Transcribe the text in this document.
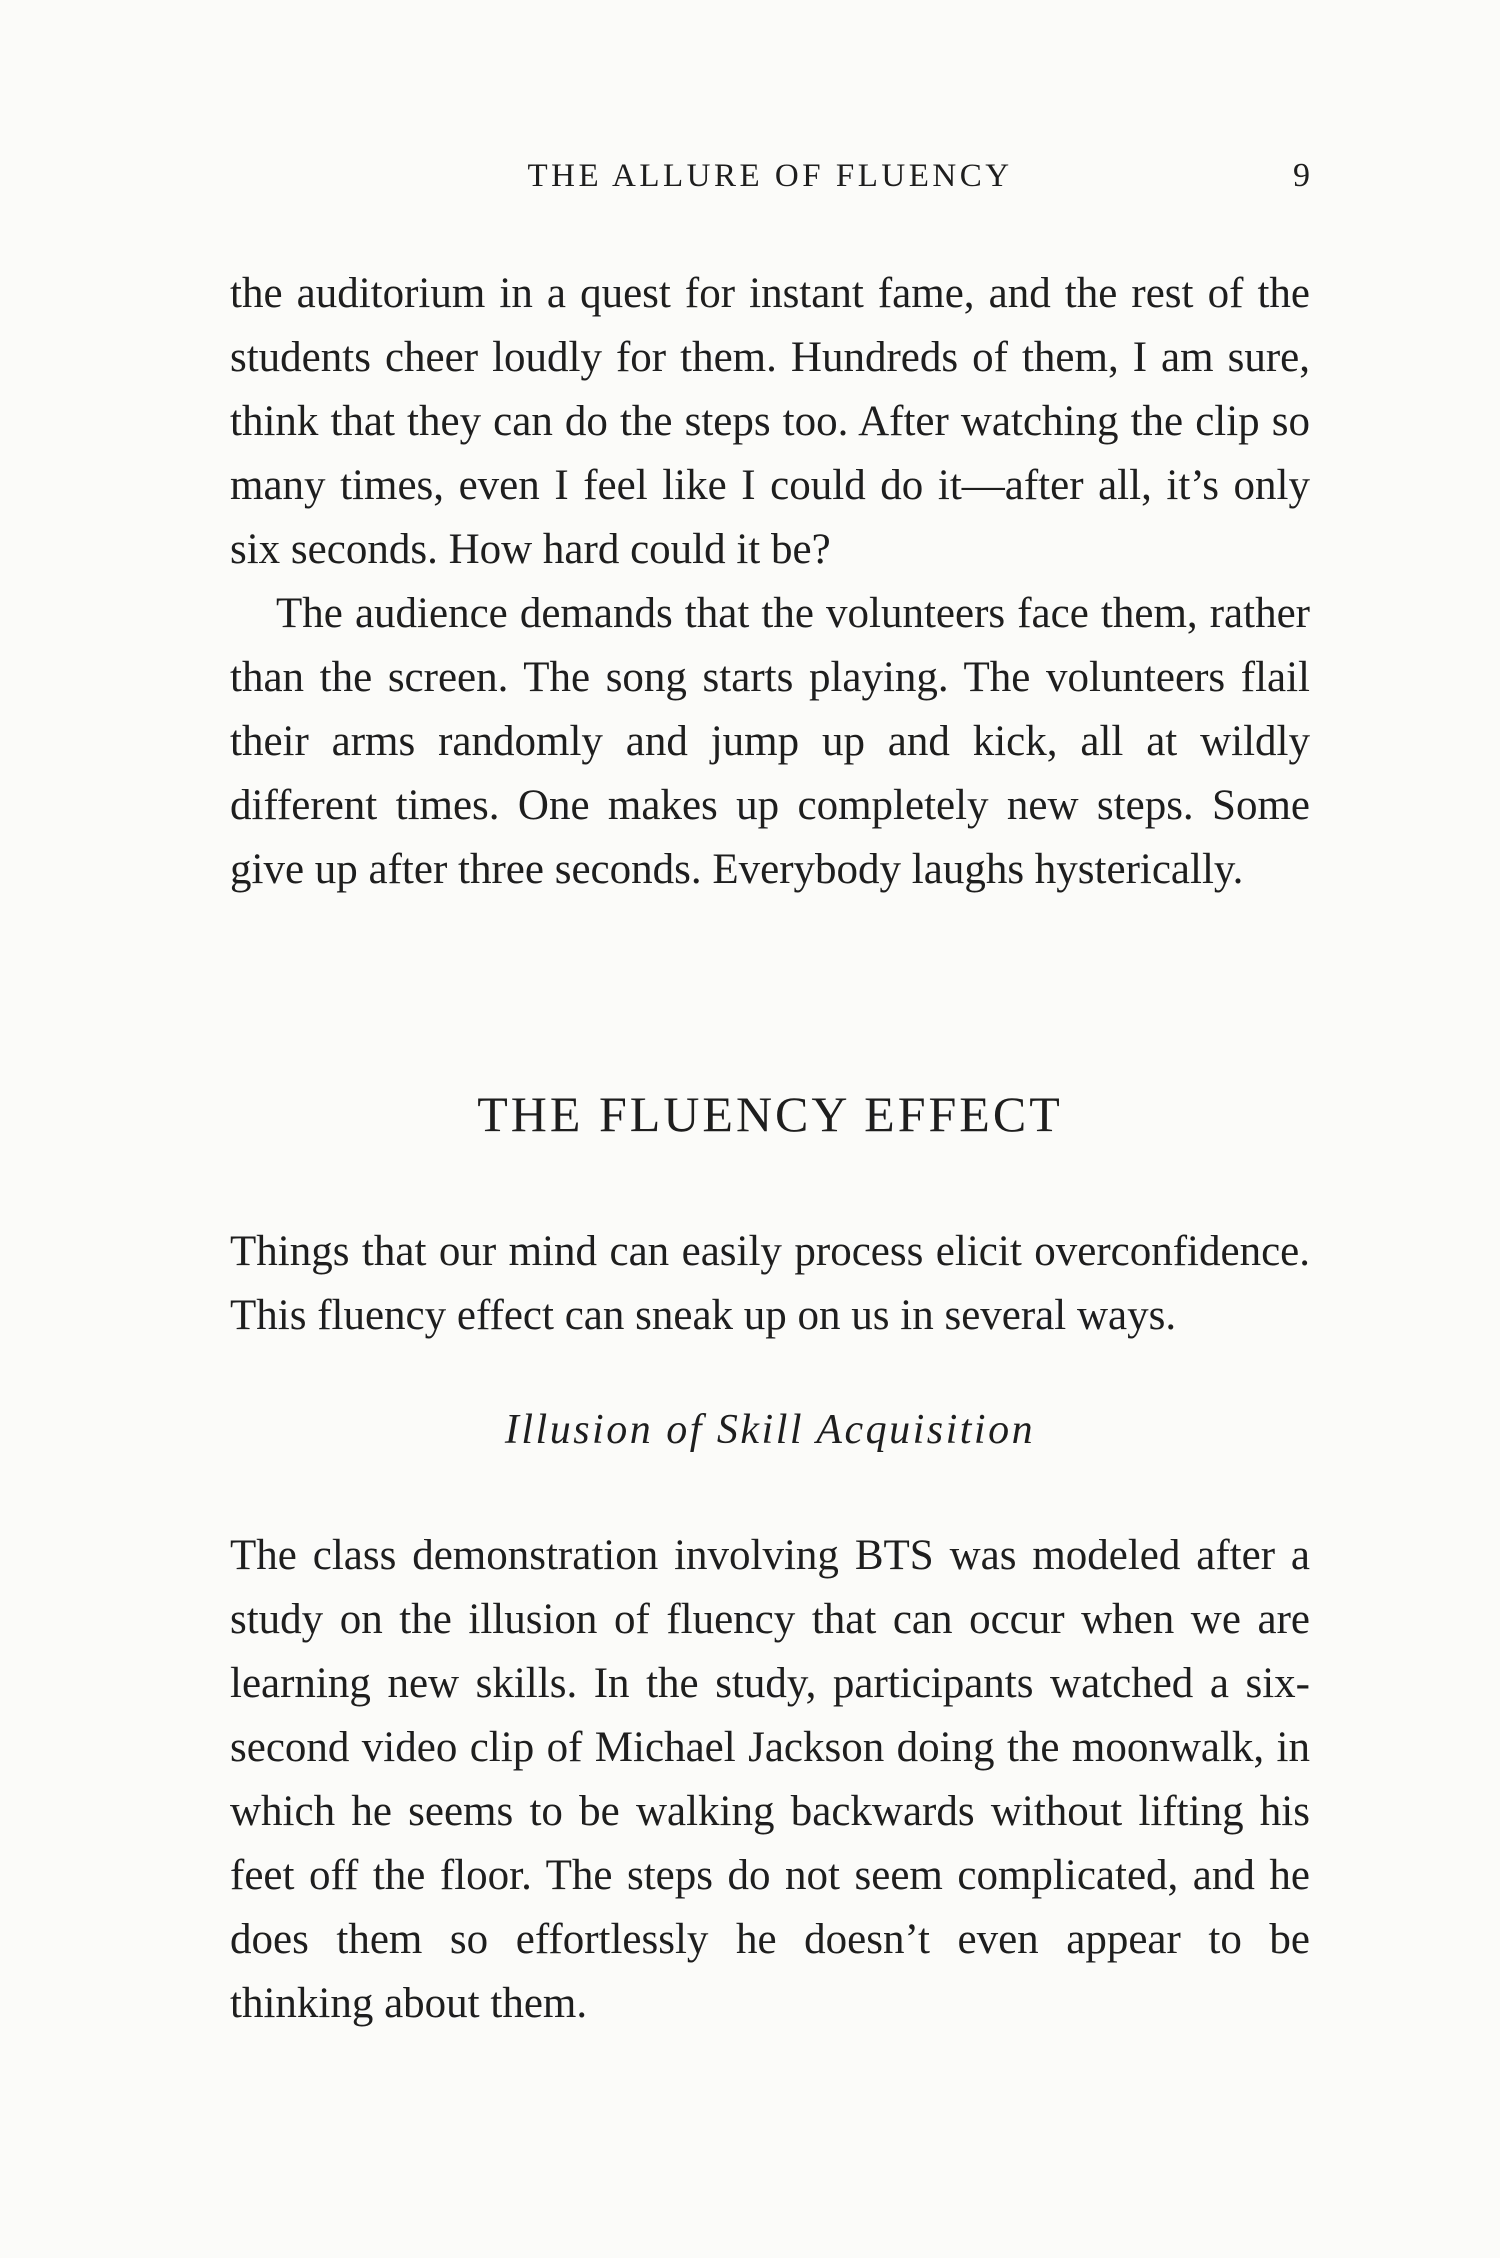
THE ALLURE OF FLUENCY	9

the auditorium in a quest for instant fame, and the rest of the students cheer loudly for them. Hundreds of them, I am sure, think that they can do the steps too. After watching the clip so many times, even I feel like I could do it—after all, it’s only six seconds. How hard could it be?

The audience demands that the volunteers face them, rather than the screen. The song starts playing. The volunteers flail their arms randomly and jump up and kick, all at wildly different times. One makes up completely new steps. Some give up after three seconds. Everybody laughs hysterically.

THE FLUENCY EFFECT

Things that our mind can easily process elicit overconfidence. This fluency effect can sneak up on us in several ways.

Illusion of Skill Acquisition

The class demonstration involving BTS was modeled after a study on the illusion of fluency that can occur when we are learning new skills. In the study, participants watched a six-second video clip of Michael Jackson doing the moonwalk, in which he seems to be walking backwards without lifting his feet off the floor. The steps do not seem complicated, and he does them so effortlessly he doesn’t even appear to be thinking about them.
